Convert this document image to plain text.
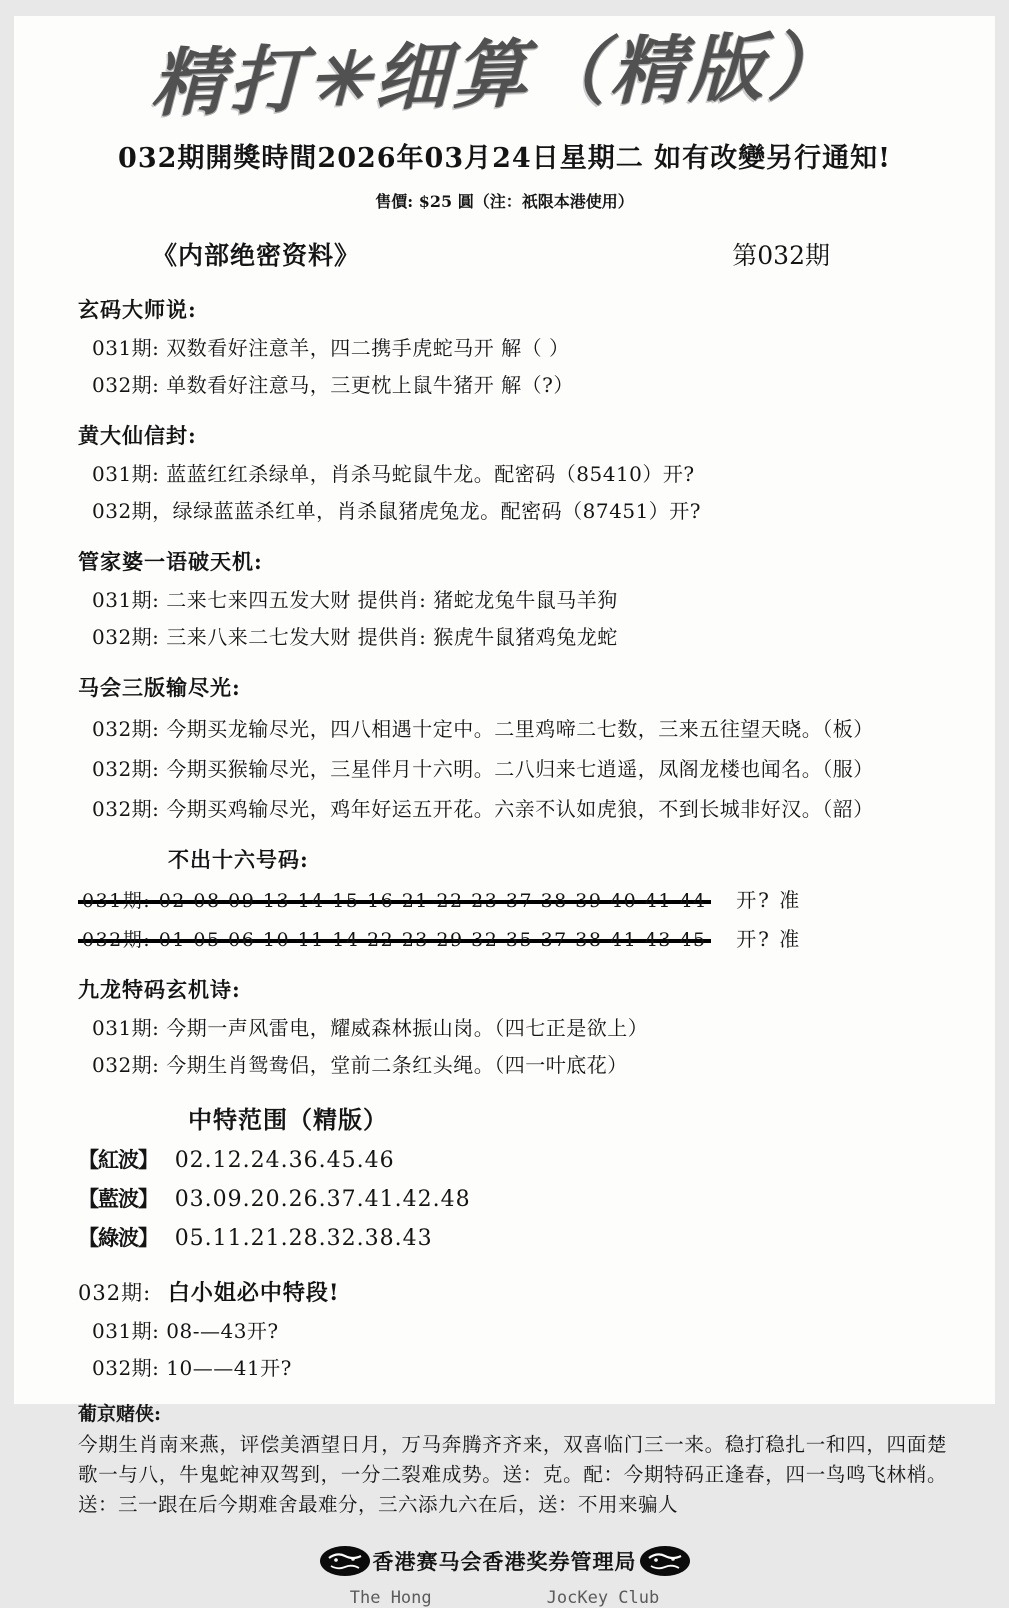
精打✳细算（精版）
032期開獎時間2026年03月24日星期二 如有改變另行通知!
售價: $25 圓（注：祇限本港使用）
《内部绝密资料》	第032期
玄码大师说:
031期: 双数看好注意羊，四二携手虎蛇马开 解（ ）
032期: 单数看好注意马，三更枕上鼠牛猪开 解（?）
黄大仙信封:
031期: 蓝蓝红红杀绿单，肖杀马蛇鼠牛龙。配密码（85410）开?
032期，绿绿蓝蓝杀红单，肖杀鼠猪虎兔龙。配密码（87451）开?
管家婆一语破天机:
031期: 二来七来四五发大财 提供肖: 猪蛇龙兔牛鼠马羊狗
032期: 三来八来二七发大财 提供肖: 猴虎牛鼠猪鸡兔龙蛇
马会三版输尽光:
032期: 今期买龙输尽光，四八相遇十定中。二里鸡啼二七数，三来五往望天晓。（板）
032期: 今期买猴输尽光，三星伴月十六明。二八归来七逍遥，凤阁龙楼也闻名。（服）
032期: 今期买鸡输尽光，鸡年好运五开花。六亲不认如虎狼，不到长城非好汉。（韶）
不出十六号码:
031期: 02 08 09 13 14 15 16 21 22 23 37 38 39 40 41 44 开? 准
032期: 01 05 06 10 11 14 22 23 29 32 35 37 38 41 43 45 开? 准
九龙特码玄机诗:
031期: 今期一声风雷电，耀威森林振山岗。（四七正是欲上）
032期: 今期生肖鸳鸯侣，堂前二条红头绳。（四一叶底花）
中特范围（精版）
【紅波】 02.12.24.36.45.46
【藍波】 03.09.20.26.37.41.42.48
【綠波】 05.11.21.28.32.38.43
032期: 白小姐必中特段!
031期: 08-—43开?
032期: 10——41开?
葡京赌侠:
今期生肖南来燕，评偿美酒望日月，万马奔腾齐齐来，双喜临门三一来。稳打稳扎一和四，四面楚歌一与八，牛鬼蛇神双驾到，一分二裂难成势。送：克。配：今期特码正逢春，四一鸟鸣飞林梢。送：三一跟在后今期难舍最难分，三六添九六在后，送：不用来骗人
香港赛马会香港奖券管理局
The Hong	JocKey Club
